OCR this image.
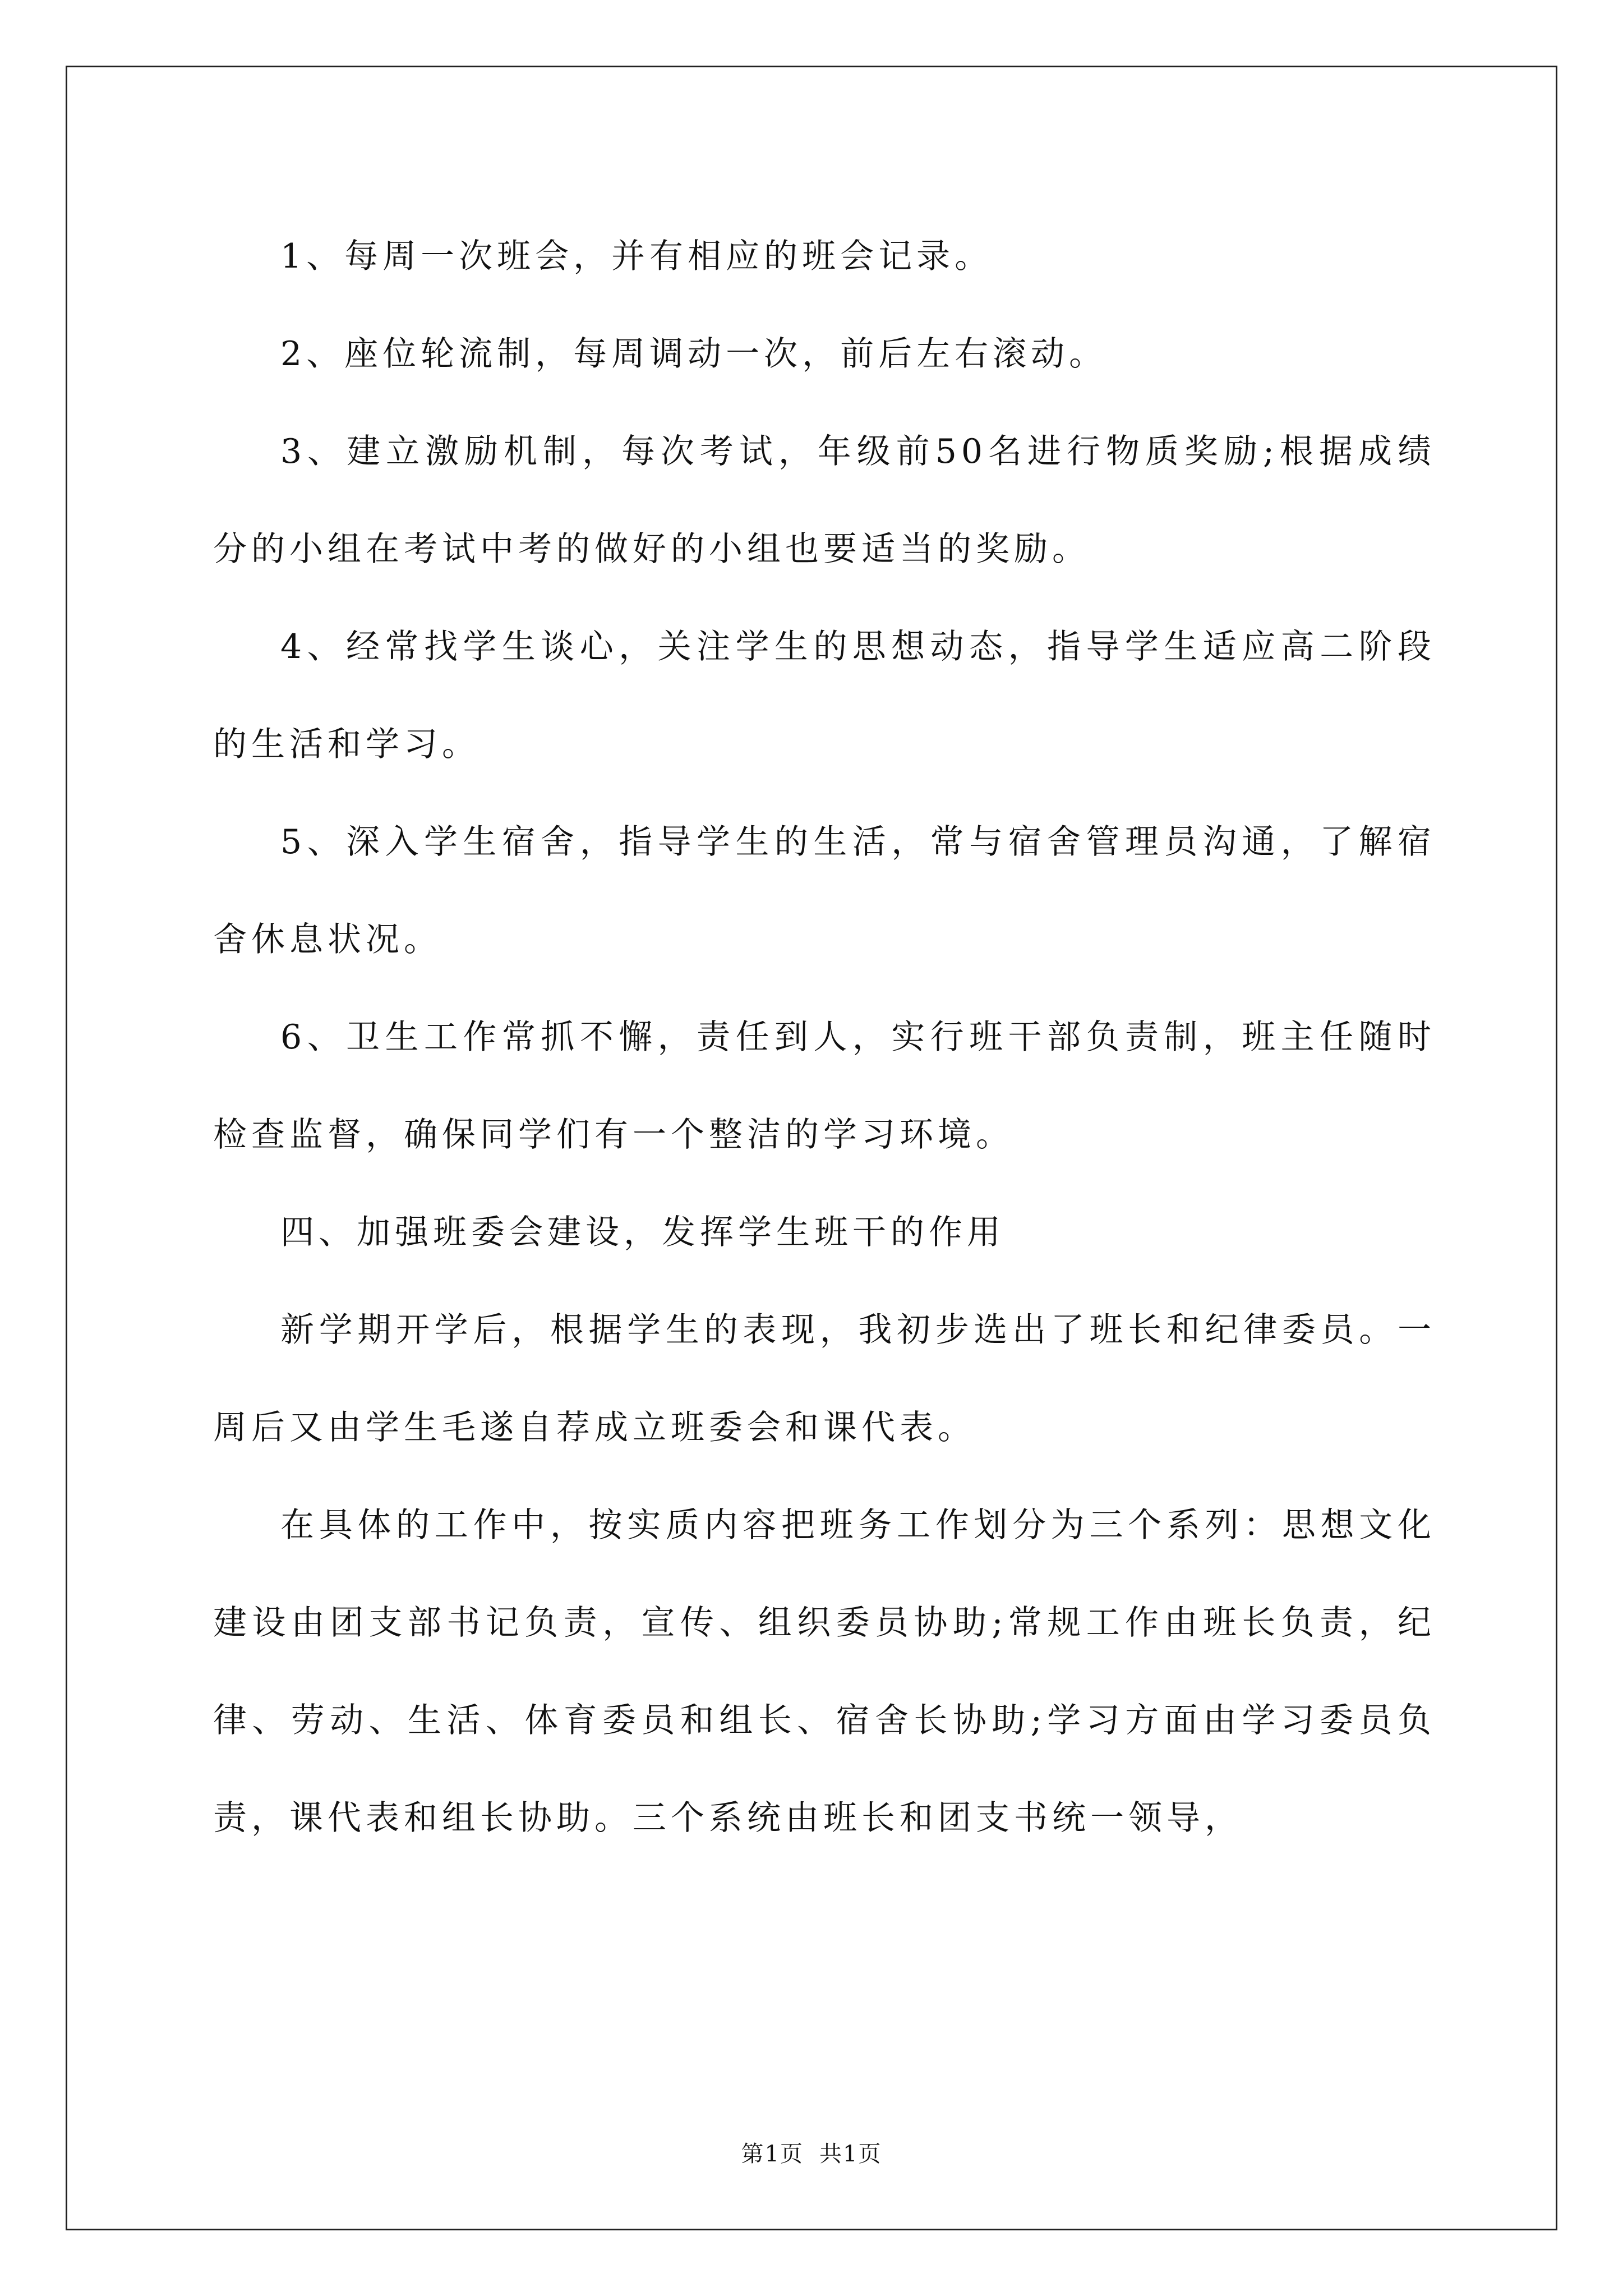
1、每周一次班会，并有相应的班会记录。

2、座位轮流制，每周调动一次，前后左右滚动。

3、建立激励机制，每次考试，年级前50名进行物质奖励;根据成绩分的小组在考试中考的做好的小组也要适当的奖励。

4、经常找学生谈心，关注学生的思想动态，指导学生适应高二阶段的生活和学习。

5、深入学生宿舍，指导学生的生活，常与宿舍管理员沟通，了解宿舍休息状况。

6、卫生工作常抓不懈，责任到人，实行班干部负责制，班主任随时检查监督，确保同学们有一个整洁的学习环境。

四、加强班委会建设，发挥学生班干的作用

新学期开学后，根据学生的表现，我初步选出了班长和纪律委员。一周后又由学生毛遂自荐成立班委会和课代表。

在具体的工作中，按实质内容把班务工作划分为三个系列：思想文化建设由团支部书记负责，宣传、组织委员协助;常规工作由班长负责，纪律、劳动、生活、体育委员和组长、宿舍长协助;学习方面由学习委员负责，课代表和组长协助。三个系统由班长和团支书统一领导，

第1页 共1页
